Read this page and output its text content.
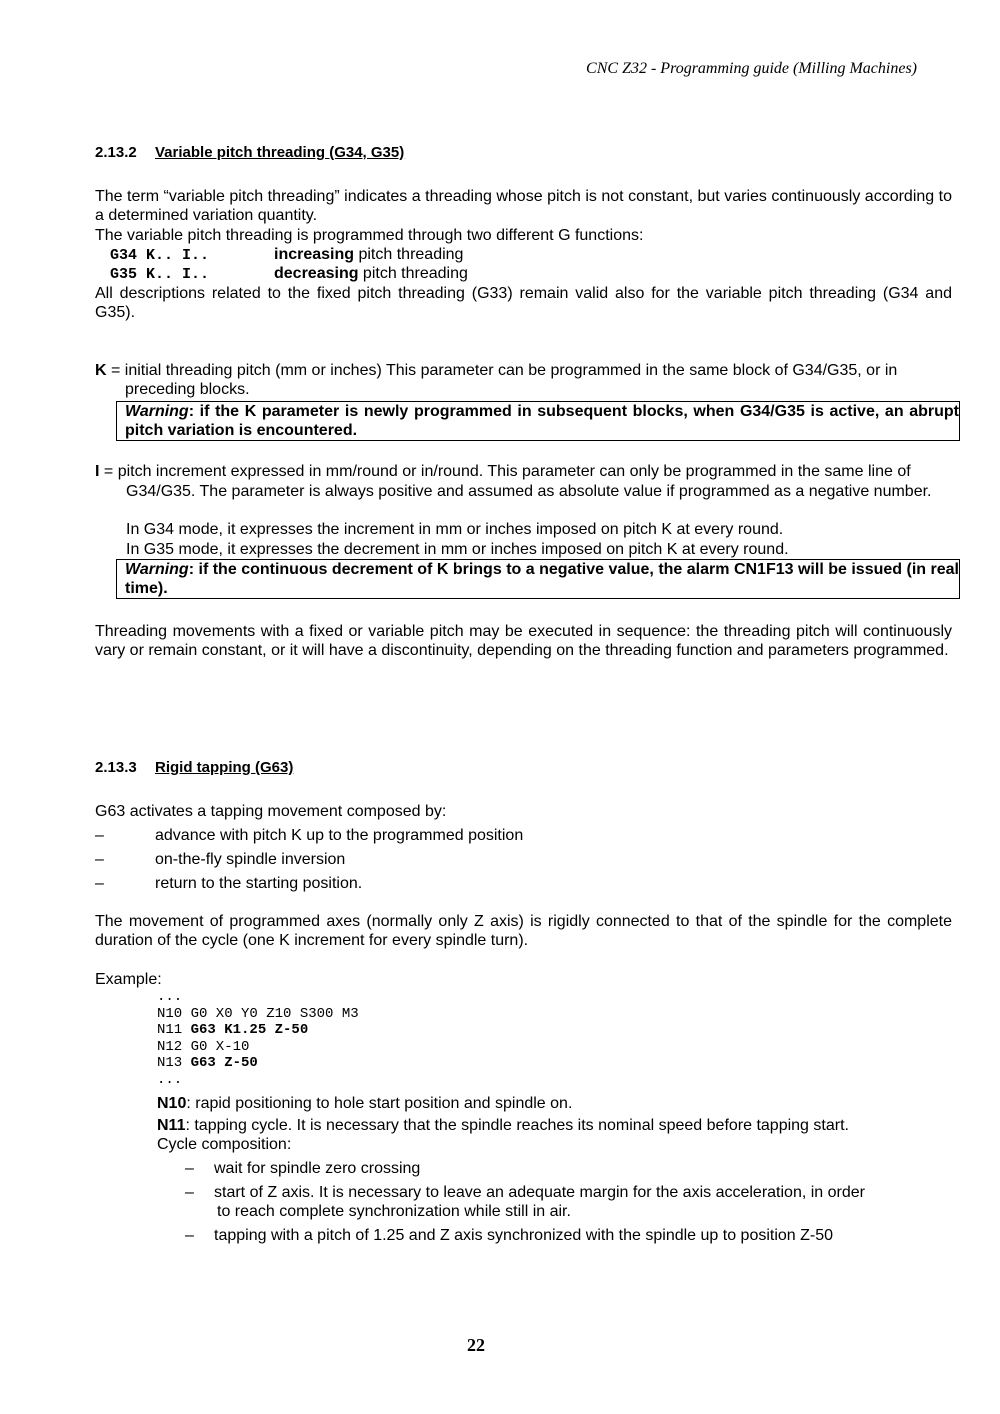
CNC Z32 - Programming guide (Milling Machines)
2.13.2 Variable pitch threading (G34, G35)
The term “variable pitch threading” indicates a threading whose pitch is not constant, but varies continuously according to a determined variation quantity.
The variable pitch threading is programmed through two different G functions:
G34 K.. I..	increasing pitch threading
G35 K.. I..	decreasing pitch threading
All descriptions related to the fixed pitch threading (G33) remain valid also for the variable pitch threading (G34 and G35).
K = initial threading pitch (mm or inches) This parameter can be programmed in the same block of G34/G35, or in
preceding blocks.
Warning: if the K parameter is newly programmed in subsequent blocks, when G34/G35 is active, an abrupt pitch variation is encountered.
I = pitch increment expressed in mm/round or in/round. This parameter can only be programmed in the same line of
G34/G35. The parameter is always positive and assumed as absolute value if programmed as a negative number.
In G34 mode, it expresses the increment in mm or inches imposed on pitch K at every round.
In G35 mode, it expresses the decrement in mm or inches imposed on pitch K at every round.
Warning: if the continuous decrement of K brings to a negative value, the alarm CN1F13 will be issued (in real time).
Threading movements with a fixed or variable pitch may be executed in sequence: the threading pitch will continuously vary or remain constant, or it will have a discontinuity, depending on the threading function and parameters programmed.
2.13.3 Rigid tapping (G63)
G63 activates a tapping movement composed by:
–	advance with pitch K up to the programmed position
–	on-the-fly spindle inversion
–	return to the starting position.
The movement of programmed axes (normally only Z axis) is rigidly connected to that of the spindle for the complete duration of the cycle (one K increment for every spindle turn).
Example:
...
N10 G0 X0 Y0 Z10 S300 M3
N11 G63 K1.25 Z-50
N12 G0 X-10
N13 G63 Z-50
...
N10: rapid positioning to hole start position and spindle on.
N11: tapping cycle. It is necessary that the spindle reaches its nominal speed before tapping start.
Cycle composition:
– wait for spindle zero crossing
– start of Z axis. It is necessary to leave an adequate margin for the axis acceleration, in order
to reach complete synchronization while still in air.
– tapping with a pitch of 1.25 and Z axis synchronized with the spindle up to position Z-50
22
